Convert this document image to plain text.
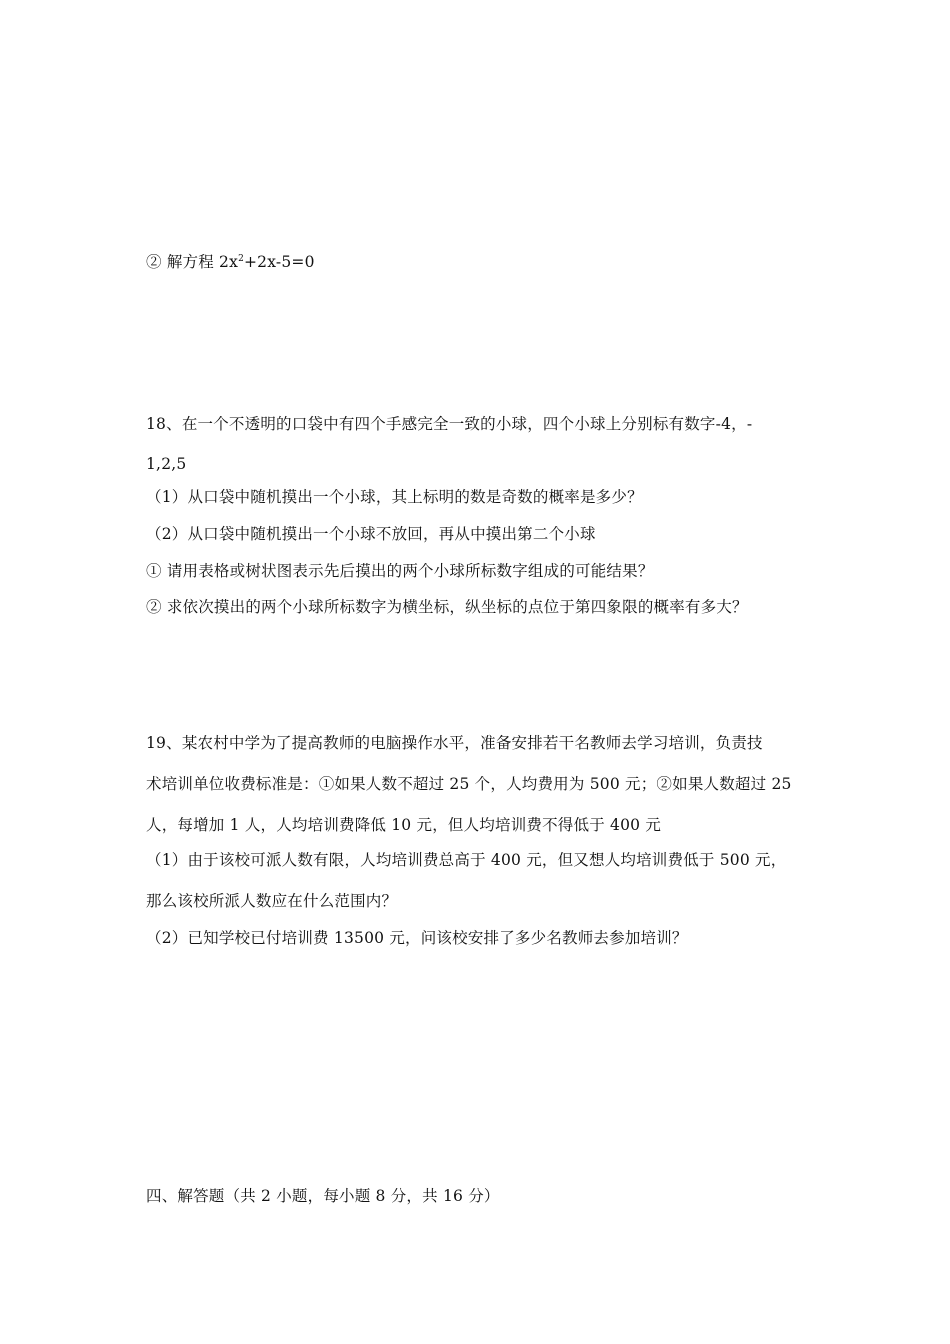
② 解方程 $2x^2+2x-5=0$
18、在一个不透明的口袋中有四个手感完全一致的小球，四个小球上分别标有数字-4，-
1,2,5
（1）从口袋中随机摸出一个小球，其上标明的数是奇数的概率是多少？
（2）从口袋中随机摸出一个小球不放回，再从中摸出第二个小球
① 请用表格或树状图表示先后摸出的两个小球所标数字组成的可能结果？
② 求依次摸出的两个小球所标数字为横坐标，纵坐标的点位于第四象限的概率有多大？
19、某农村中学为了提高教师的电脑操作水平，准备安排若干名教师去学习培训，负责技
术培训单位收费标准是：①如果人数不超过 25 个，人均费用为 500 元；②如果人数超过 25
人，每增加 1 人，人均培训费降低 10 元，但人均培训费不得低于 400 元
（1）由于该校可派人数有限，人均培训费总高于 400 元，但又想人均培训费低于 500 元，
那么该校所派人数应在什么范围内？
（2）已知学校已付培训费 13500 元，问该校安排了多少名教师去参加培训？
四、解答题（共 2 小题，每小题 8 分，共 16 分）
